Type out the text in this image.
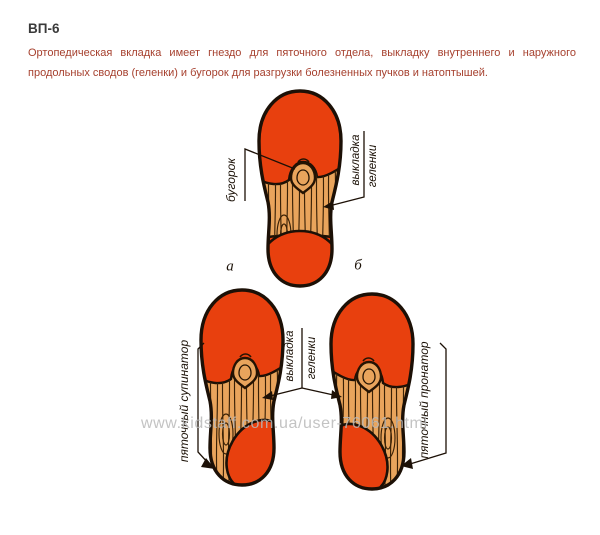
ВП-6
Ортопедическая вкладка имеет гнездо для пяточного отдела, выкладку внутреннего и наружного продольных сводов (геленки) и бугорок для разгрузки болезненных пучков и натоптышей.
бугорок	выкладка геленки
а	б
выкладка геленки
пяточный супинатор	пяточный пронатор
www.kidstaff.com.ua/user-76061.html
